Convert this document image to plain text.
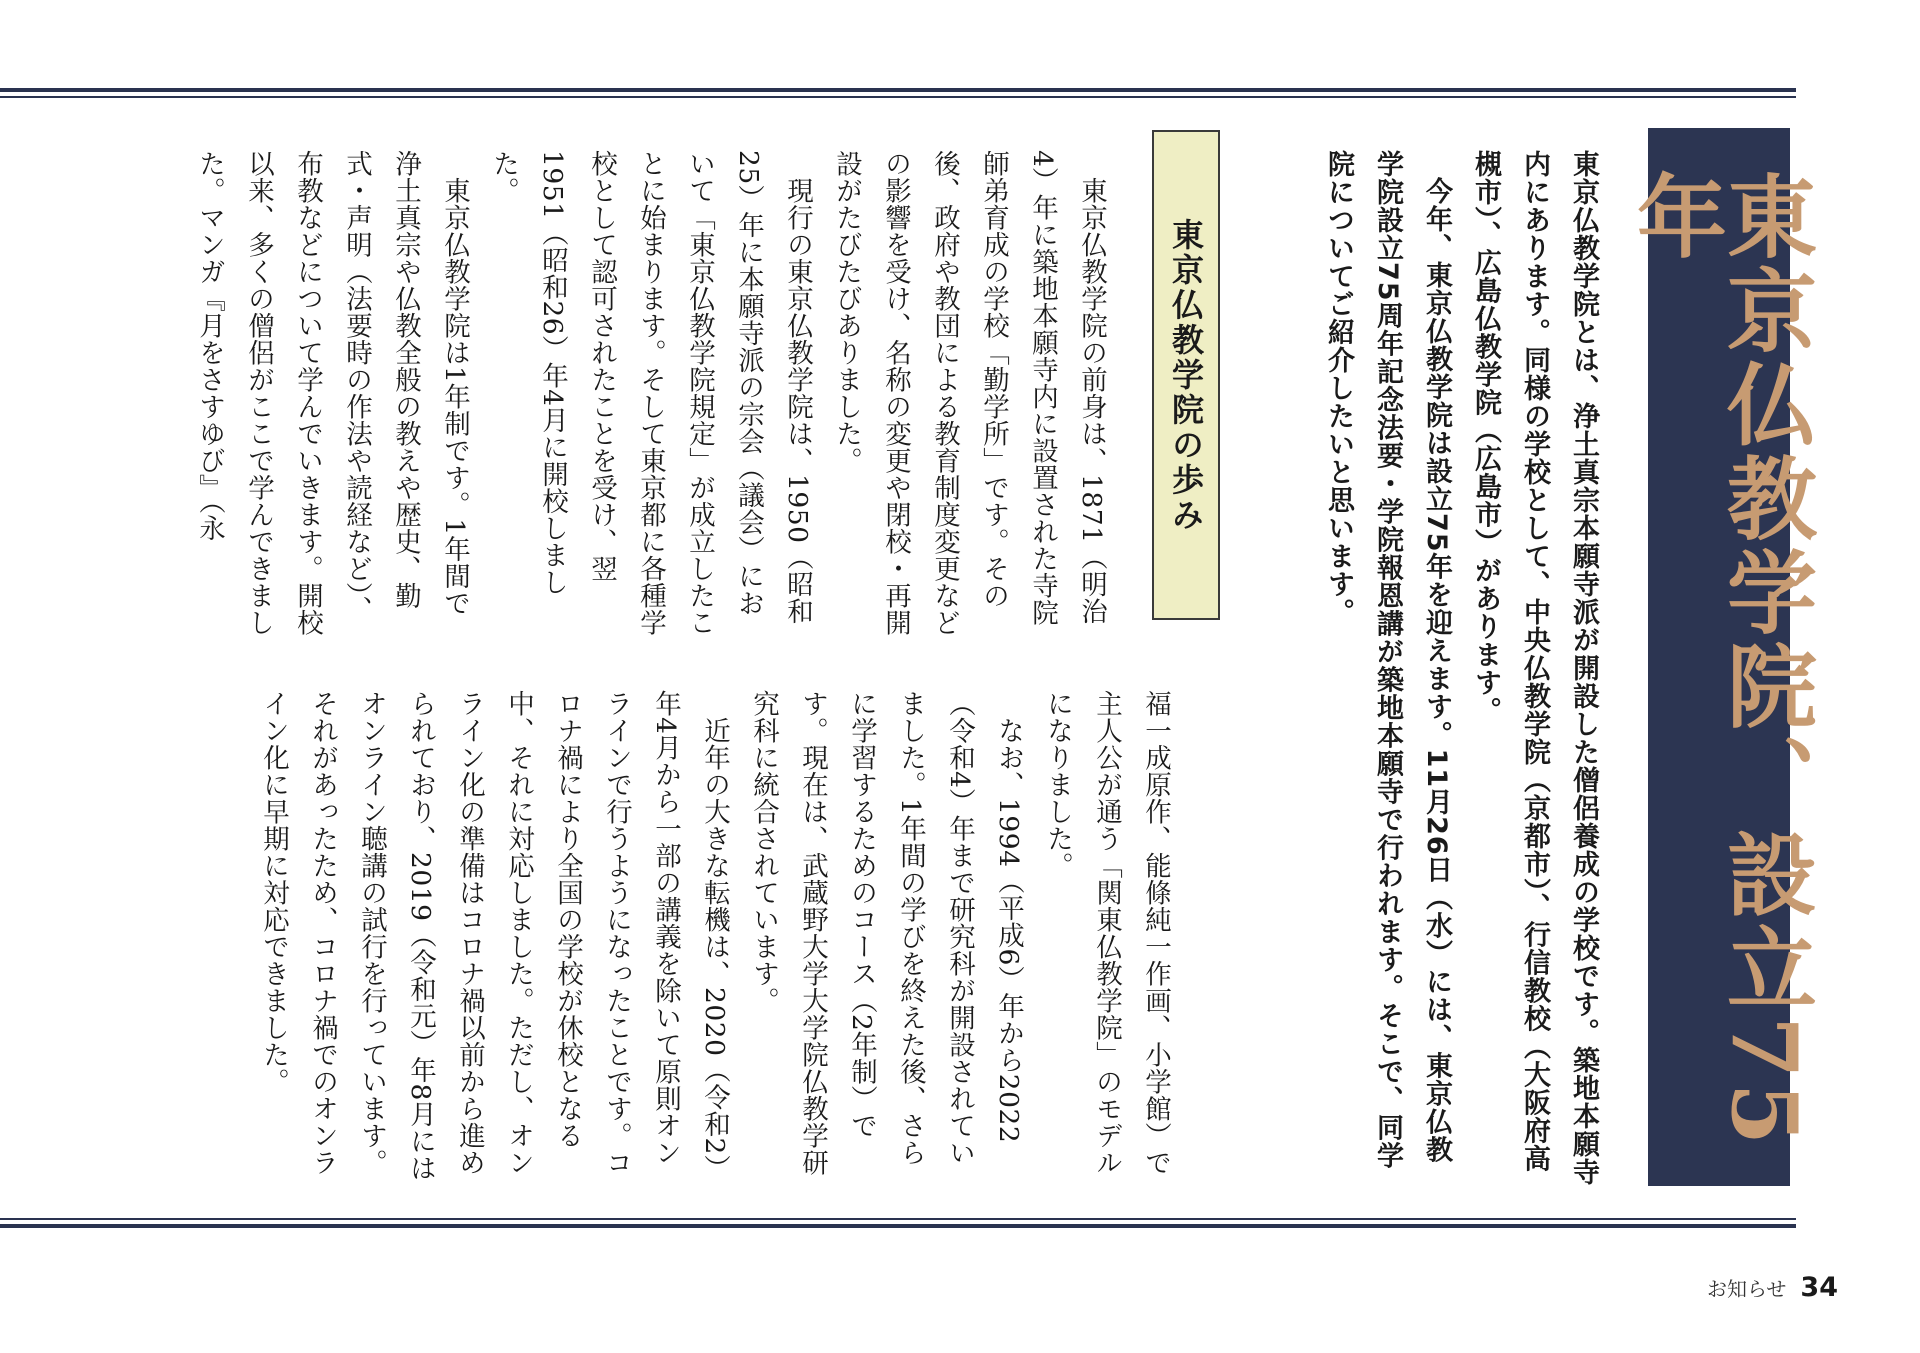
東京仏教学院、設立75年

東京仏教学院とは、浄土真宗本願寺派が開設した僧侶養成の学校です。築地本願寺内にあります。同様の学校として、中央仏教学院（京都市）、行信教校（大阪府高槻市）、広島仏教学院（広島市）があります。

今年、東京仏教学院は設立75年を迎えます。11月26日（水）には、東京仏教学院設立75周年記念法要・学院報恩講が築地本願寺で行われます。そこで、同学院についてご紹介したいと思います。

東京仏教学院の歩み

東京仏教学院の前身は、1871（明治4）年に築地本願寺内に設置された寺院師弟育成の学校「勤学所」です。その後、政府や教団による教育制度変更などの影響を受け、名称の変更や閉校・再開設がたびたびありました。

現行の東京仏教学院は、1950（昭和25）年に本願寺派の宗会（議会）において「東京仏教学院規定」が成立したことに始まります。そして東京都に各種学校として認可されたことを受け、翌1951（昭和26）年4月に開校しました。

東京仏教学院は1年制です。1年間で浄土真宗や仏教全般の教えや歴史、勤式・声明（法要時の作法や読経など）、布教などについて学んでいきます。開校以来、多くの僧侶がここで学んできました。マンガ『月をさすゆび』（永

福一成原作、能條純一作画、小学館）で主人公が通う「関東仏教学院」のモデルになりました。

なお、1994（平成6）年から2022（令和4）年まで研究科が開設されていました。1年間の学びを終えた後、さらに学習するためのコース（2年制）です。現在は、武蔵野大学大学院仏教学研究科に統合されています。

近年の大きな転機は、2020（令和2）年4月から一部の講義を除いて原則オンラインで行うようになったことです。コロナ禍により全国の学校が休校となる中、それに対応しました。ただし、オンライン化の準備はコロナ禍以前から進められており、2019（令和元）年8月にはオンライン聴講の試行を行っています。それがあったため、コロナ禍でのオンライン化に早期に対応できました。

お知らせ 34
